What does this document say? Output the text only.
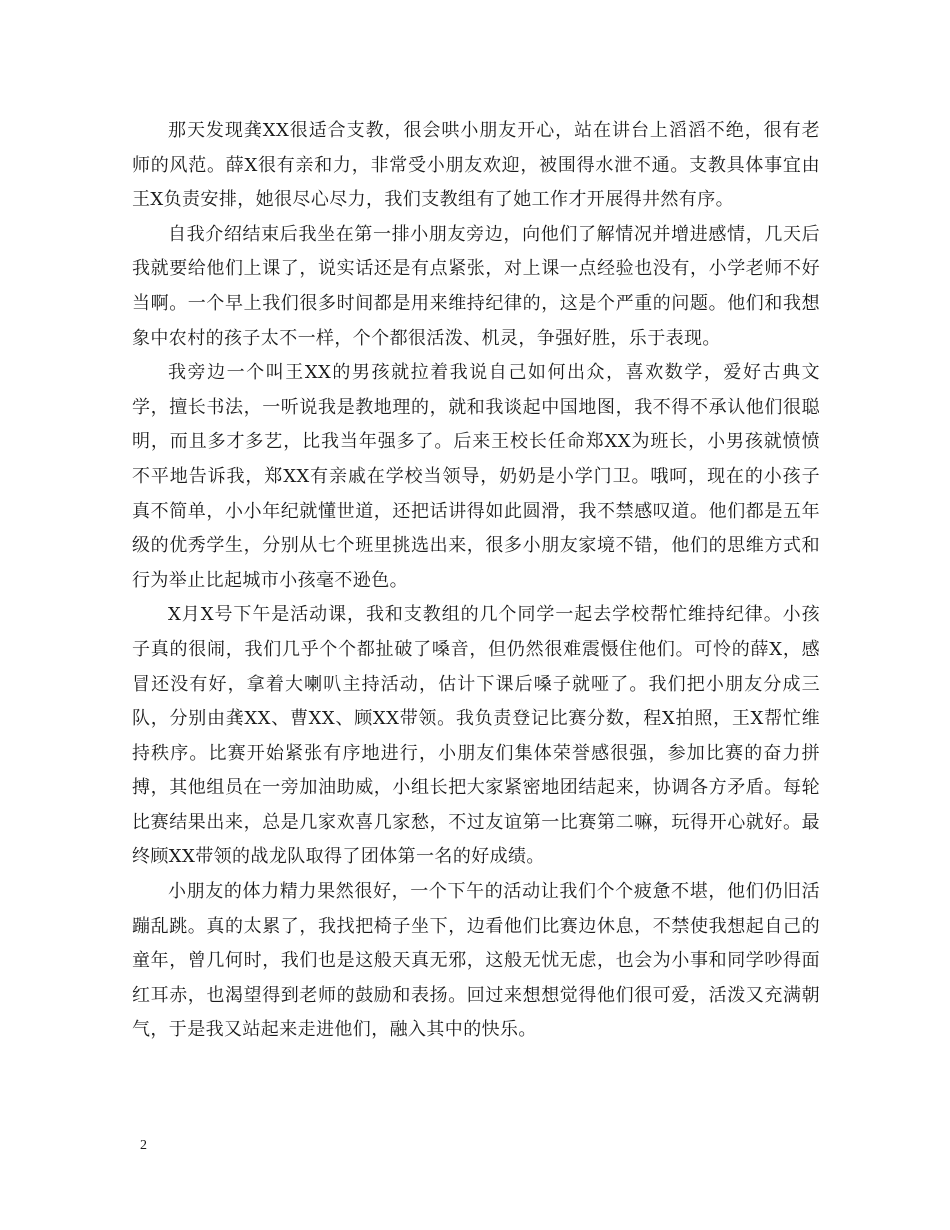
那天发现龚XX很适合支教，很会哄小朋友开心，站在讲台上滔滔不绝，很有老师的风范。薛X很有亲和力，非常受小朋友欢迎，被围得水泄不通。支教具体事宜由王X负责安排，她很尽心尽力，我们支教组有了她工作才开展得井然有序。

自我介绍结束后我坐在第一排小朋友旁边，向他们了解情况并增进感情，几天后我就要给他们上课了，说实话还是有点紧张，对上课一点经验也没有，小学老师不好当啊。一个早上我们很多时间都是用来维持纪律的，这是个严重的问题。他们和我想象中农村的孩子太不一样，个个都很活泼、机灵，争强好胜，乐于表现。

我旁边一个叫王XX的男孩就拉着我说自己如何出众，喜欢数学，爱好古典文学，擅长书法，一听说我是教地理的，就和我谈起中国地图，我不得不承认他们很聪明，而且多才多艺，比我当年强多了。后来王校长任命郑XX为班长，小男孩就愤愤不平地告诉我，郑XX有亲戚在学校当领导，奶奶是小学门卫。哦呵，现在的小孩子真不简单，小小年纪就懂世道，还把话讲得如此圆滑，我不禁感叹道。他们都是五年级的优秀学生，分别从七个班里挑选出来，很多小朋友家境不错，他们的思维方式和行为举止比起城市小孩毫不逊色。

X月X号下午是活动课，我和支教组的几个同学一起去学校帮忙维持纪律。小孩子真的很闹，我们几乎个个都扯破了嗓音，但仍然很难震慑住他们。可怜的薛X，感冒还没有好，拿着大喇叭主持活动，估计下课后嗓子就哑了。我们把小朋友分成三队，分别由龚XX、曹XX、顾XX带领。我负责登记比赛分数，程X拍照，王X帮忙维持秩序。比赛开始紧张有序地进行，小朋友们集体荣誉感很强，参加比赛的奋力拼搏，其他组员在一旁加油助威，小组长把大家紧密地团结起来，协调各方矛盾。每轮比赛结果出来，总是几家欢喜几家愁，不过友谊第一比赛第二嘛，玩得开心就好。最终顾XX带领的战龙队取得了团体第一名的好成绩。

小朋友的体力精力果然很好，一个下午的活动让我们个个疲惫不堪，他们仍旧活蹦乱跳。真的太累了，我找把椅子坐下，边看他们比赛边休息，不禁使我想起自己的童年，曾几何时，我们也是这般天真无邪，这般无忧无虑，也会为小事和同学吵得面红耳赤，也渴望得到老师的鼓励和表扬。回过来想想觉得他们很可爱，活泼又充满朝气，于是我又站起来走进他们，融入其中的快乐。

2
